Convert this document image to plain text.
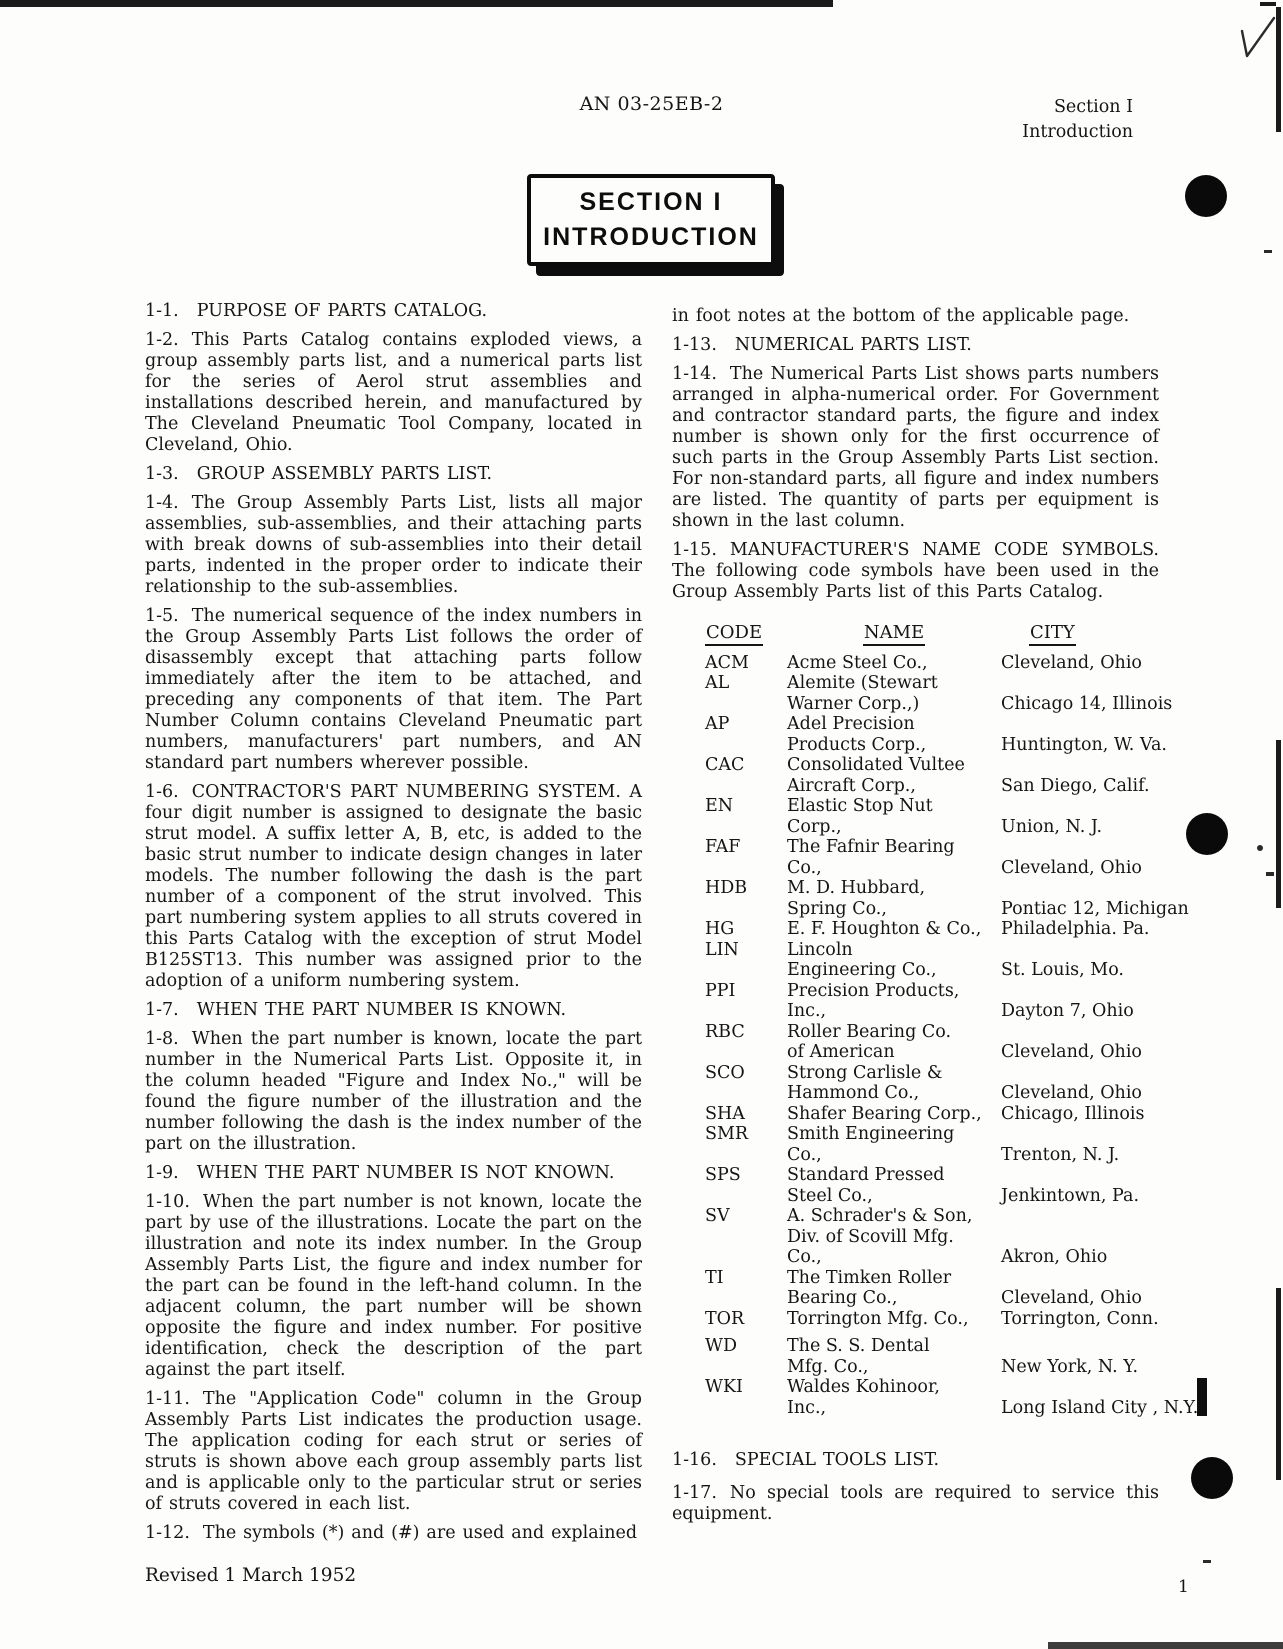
AN 03-25EB-2	Section I
Introduction
SECTION I
INTRODUCTION
1-1. PURPOSE OF PARTS CATALOG.
1-2. This Parts Catalog contains exploded views, a group assembly parts list, and a numerical parts list for the series of Aerol strut assemblies and installations described herein, and manufactured by The Cleveland Pneumatic Tool Company, located in Cleveland, Ohio.
1-3. GROUP ASSEMBLY PARTS LIST.
1-4. The Group Assembly Parts List, lists all major assemblies, sub-assemblies, and their attaching parts with break downs of sub-assemblies into their detail parts, indented in the proper order to indicate their relationship to the sub-assemblies.
1-5. The numerical sequence of the index numbers in the Group Assembly Parts List follows the order of disassembly except that attaching parts follow immediately after the item to be attached, and preceding any components of that item. The Part Number Column contains Cleveland Pneumatic part numbers, manufacturers' part numbers, and AN standard part numbers wherever possible.
1-6. CONTRACTOR'S PART NUMBERING SYSTEM. A four digit number is assigned to designate the basic strut model. A suffix letter A, B, etc, is added to the basic strut number to indicate design changes in later models. The number following the dash is the part number of a component of the strut involved. This part numbering system applies to all struts covered in this Parts Catalog with the exception of strut Model B125ST13. This number was assigned prior to the adoption of a uniform numbering system.
1-7. WHEN THE PART NUMBER IS KNOWN.
1-8. When the part number is known, locate the part number in the Numerical Parts List. Opposite it, in the column headed "Figure and Index No.," will be found the figure number of the illustration and the number following the dash is the index number of the part on the illustration.
1-9. WHEN THE PART NUMBER IS NOT KNOWN.
1-10. When the part number is not known, locate the part by use of the illustrations. Locate the part on the illustration and note its index number. In the Group Assembly Parts List, the figure and index number for the part can be found in the left-hand column. In the adjacent column, the part number will be shown opposite the figure and index number. For positive identification, check the description of the part against the part itself.
1-11. The "Application Code" column in the Group Assembly Parts List indicates the production usage. The application coding for each strut or series of struts is shown above each group assembly parts list and is applicable only to the particular strut or series of struts covered in each list.
1-12. The symbols (*) and (#) are used and explained
in foot notes at the bottom of the applicable page.
1-13. NUMERICAL PARTS LIST.
1-14. The Numerical Parts List shows parts numbers arranged in alpha-numerical order. For Government and contractor standard parts, the figure and index number is shown only for the first occurrence of such parts in the Group Assembly Parts List section. For non-standard parts, all figure and index numbers are listed. The quantity of parts per equipment is shown in the last column.
1-15. MANUFACTURER'S NAME CODE SYMBOLS. The following code symbols have been used in the Group Assembly Parts list of this Parts Catalog.
CODE	NAME	CITY
ACM	Acme Steel Co.,	Cleveland, Ohio
AL	Alemite (Stewart
Warner Corp.,)	Chicago 14, Illinois
AP	Adel Precision
Products Corp.,	Huntington, W. Va.
CAC	Consolidated Vultee
Aircraft Corp.,	San Diego, Calif.
EN	Elastic Stop Nut
Corp.,	Union, N. J.
FAF	The Fafnir Bearing
Co.,	Cleveland, Ohio
HDB	M. D. Hubbard,
Spring Co.,	Pontiac 12, Michigan
HG	E. F. Houghton & Co.,	Philadelphia. Pa.
LIN	Lincoln
Engineering Co.,	St. Louis, Mo.
PPI	Precision Products,
Inc.,	Dayton 7, Ohio
RBC	Roller Bearing Co.
of American	Cleveland, Ohio
SCO	Strong Carlisle &
Hammond Co.,	Cleveland, Ohio
SHA	Shafer Bearing Corp.,	Chicago, Illinois
SMR	Smith Engineering
Co.,	Trenton, N. J.
SPS	Standard Pressed
Steel Co.,	Jenkintown, Pa.
SV	A. Schrader's & Son,
Div. of Scovill Mfg.
Co.,	Akron, Ohio
TI	The Timken Roller
Bearing Co.,	Cleveland, Ohio
TOR	Torrington Mfg. Co.,	Torrington, Conn.
WD	The S. S. Dental
Mfg. Co.,	New York, N. Y.
WKI	Waldes Kohinoor,
Inc.,	Long Island City , N.Y.
1-16. SPECIAL TOOLS LIST.
1-17. No special tools are required to service this equipment.
Revised 1 March 1952
1
